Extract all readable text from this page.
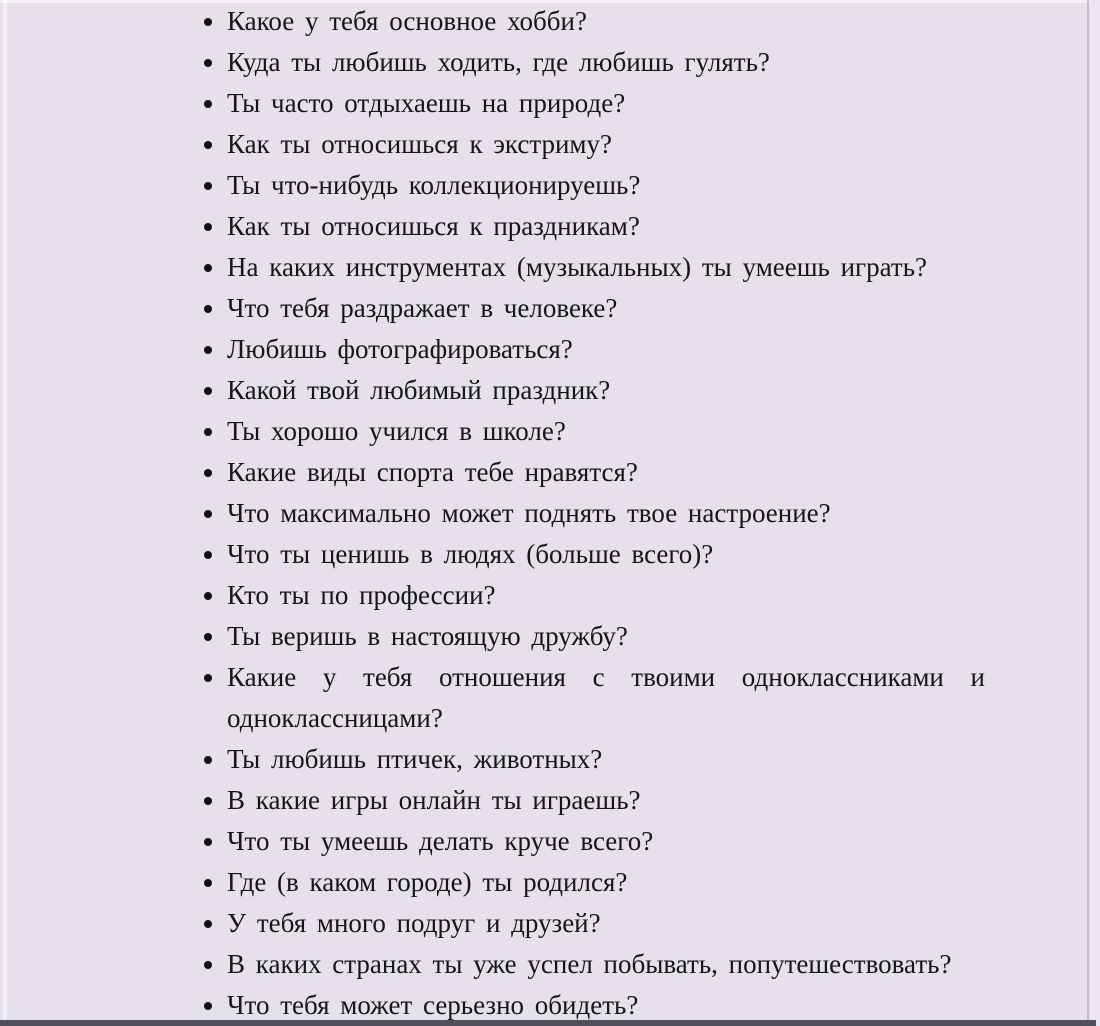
Какое у тебя основное хобби?
Куда ты любишь ходить, где любишь гулять?
Ты часто отдыхаешь на природе?
Как ты относишься к экстриму?
Ты что-нибудь коллекционируешь?
Как ты относишься к праздникам?
На каких инструментах (музыкальных) ты умеешь играть?
Что тебя раздражает в человеке?
Любишь фотографироваться?
Какой твой любимый праздник?
Ты хорошо учился в школе?
Какие виды спорта тебе нравятся?
Что максимально может поднять твое настроение?
Что ты ценишь в людях (больше всего)?
Кто ты по профессии?
Ты веришь в настоящую дружбу?
Какие у тебя отношения с твоими одноклассниками и одноклассницами?
Ты любишь птичек, животных?
В какие игры онлайн ты играешь?
Что ты умеешь делать круче всего?
Где (в каком городе) ты родился?
У тебя много подруг и друзей?
В каких странах ты уже успел побывать, попутешествовать?
Что тебя может серьезно обидеть?
